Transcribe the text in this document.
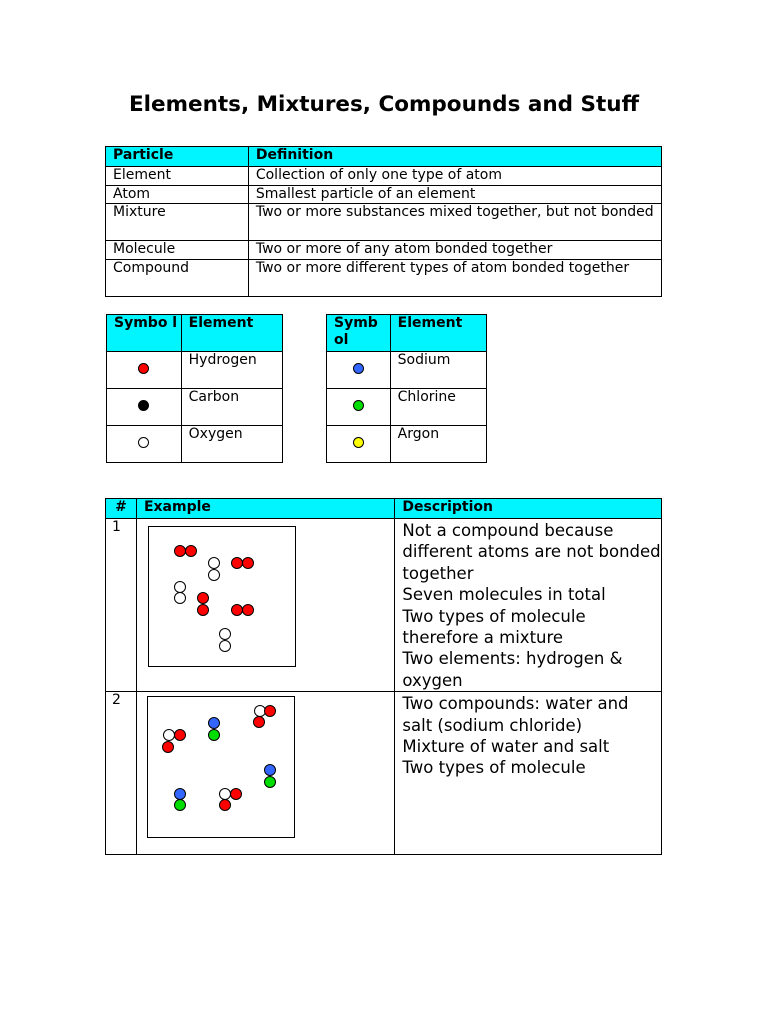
Elements, Mixtures, Compounds and Stuff
Particle	Definition
Element	Collection of only one type of atom
Atom	Smallest particle of an element
Mixture	Two or more substances mixed together, but not bonded
Molecule	Two or more of any atom bonded together
Compound	Two or more different types of atom bonded together
Symbo l	Element
	Hydrogen
	Carbon
	Oxygen
Symb ol	Element
	Sodium
	Chlorine
	Argon
#	Example	Description
1		Not a compound because different atoms are not bonded together
Seven molecules in total
Two types of molecule therefore a mixture
Two elements: hydrogen & oxygen
2		Two compounds: water and salt (sodium chloride)
Mixture of water and salt
Two types of molecule
